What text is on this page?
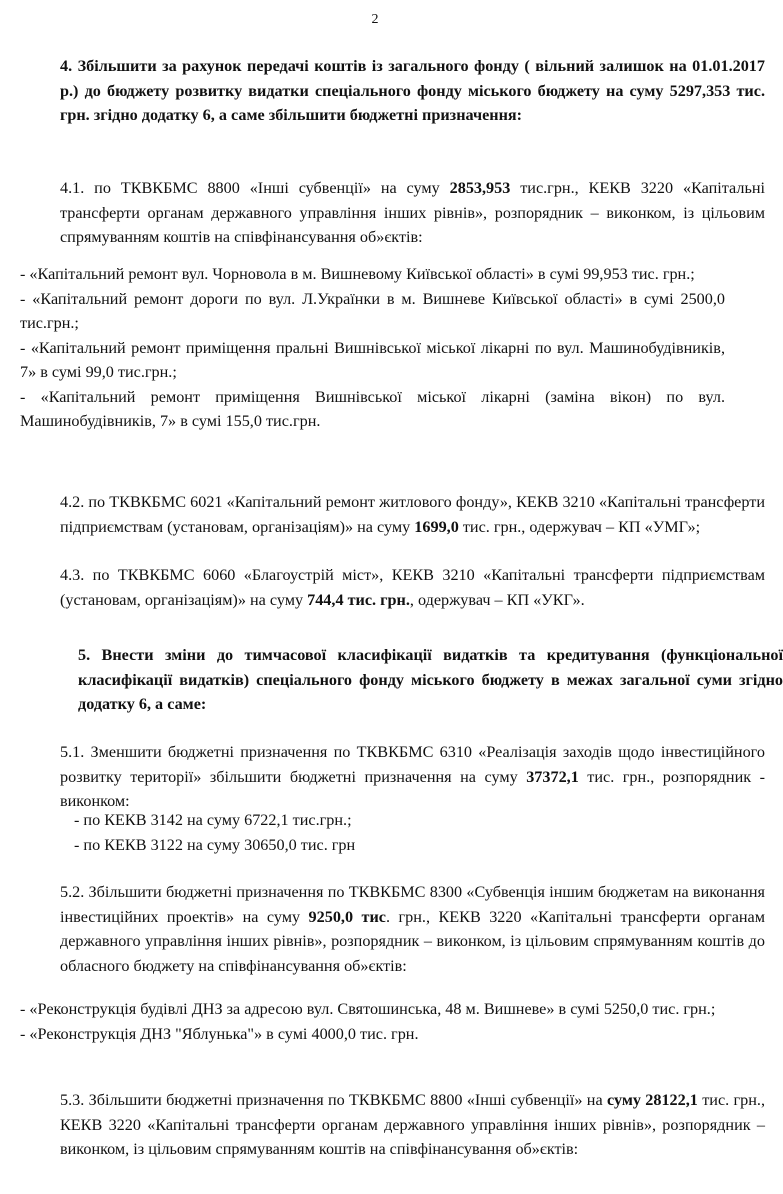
2

4. Збільшити за рахунок передачі коштів із загального фонду ( вільний залишок на 01.01.2017 р.) до бюджету розвитку видатки спеціального фонду міського бюджету на суму 5297,353 тис. грн. згідно додатку 6, а саме збільшити бюджетні призначення:

4.1. по ТКВКБМС 8800 «Інші субвенції» на суму 2853,953 тис.грн., КЕКВ 3220 «Капітальні трансферти органам державного управління інших рівнів», розпорядник – виконком, із цільовим спрямуванням коштів на співфінансування об»єктів:

- «Капітальний ремонт вул. Чорновола в м. Вишневому Київської області» в сумі 99,953 тис. грн.;

- «Капітальний ремонт дороги по вул. Л.Українки в м. Вишневе Київської області» в сумі 2500,0 тис.грн.;

- «Капітальний ремонт приміщення пральні Вишнівської міської лікарні по вул. Машинобудівників, 7» в сумі 99,0 тис.грн.;

- «Капітальний ремонт приміщення Вишнівської міської лікарні (заміна вікон) по вул. Машинобудівників, 7» в сумі 155,0 тис.грн.

4.2. по ТКВКБМС 6021 «Капітальний ремонт житлового фонду», КЕКВ 3210 «Капітальні трансферти підприємствам (установам, організаціям)» на суму 1699,0 тис. грн., одержувач – КП «УМГ»;

4.3. по ТКВКБМС 6060 «Благоустрій міст», КЕКВ 3210 «Капітальні трансферти підприємствам (установам, організаціям)» на суму 744,4 тис. грн., одержувач – КП «УКГ».

5. Внести зміни до тимчасової класифікації видатків та кредитування (функціональної класифікації видатків) спеціального фонду міського бюджету в межах загальної суми згідно додатку 6, а саме:

5.1. Зменшити бюджетні призначення по ТКВКБМС 6310 «Реалізація заходів щодо інвестиційного розвитку території» збільшити бюджетні призначення на суму 37372,1 тис. грн., розпорядник - виконком:

- по КЕКВ 3142 на суму 6722,1 тис.грн.;
- по КЕКВ 3122 на суму 30650,0 тис. грн

5.2. Збільшити бюджетні призначення по ТКВКБМС 8300 «Субвенція іншим бюджетам на виконання інвестиційних проектів» на суму 9250,0 тис. грн., КЕКВ 3220 «Капітальні трансферти органам державного управління інших рівнів», розпорядник – виконком, із цільовим спрямуванням коштів до обласного бюджету на співфінансування об»єктів:

- «Реконструкція будівлі ДНЗ за адресою вул. Святошинська, 48 м. Вишневе» в сумі 5250,0 тис. грн.;

- «Реконструкція ДНЗ "Яблунька"» в сумі 4000,0 тис. грн.

5.3. Збільшити бюджетні призначення по ТКВКБМС 8800 «Інші субвенції» на суму 28122,1 тис. грн., КЕКВ 3220 «Капітальні трансферти органам державного управління інших рівнів», розпорядник – виконком, із цільовим спрямуванням коштів на співфінансування об»єктів:
